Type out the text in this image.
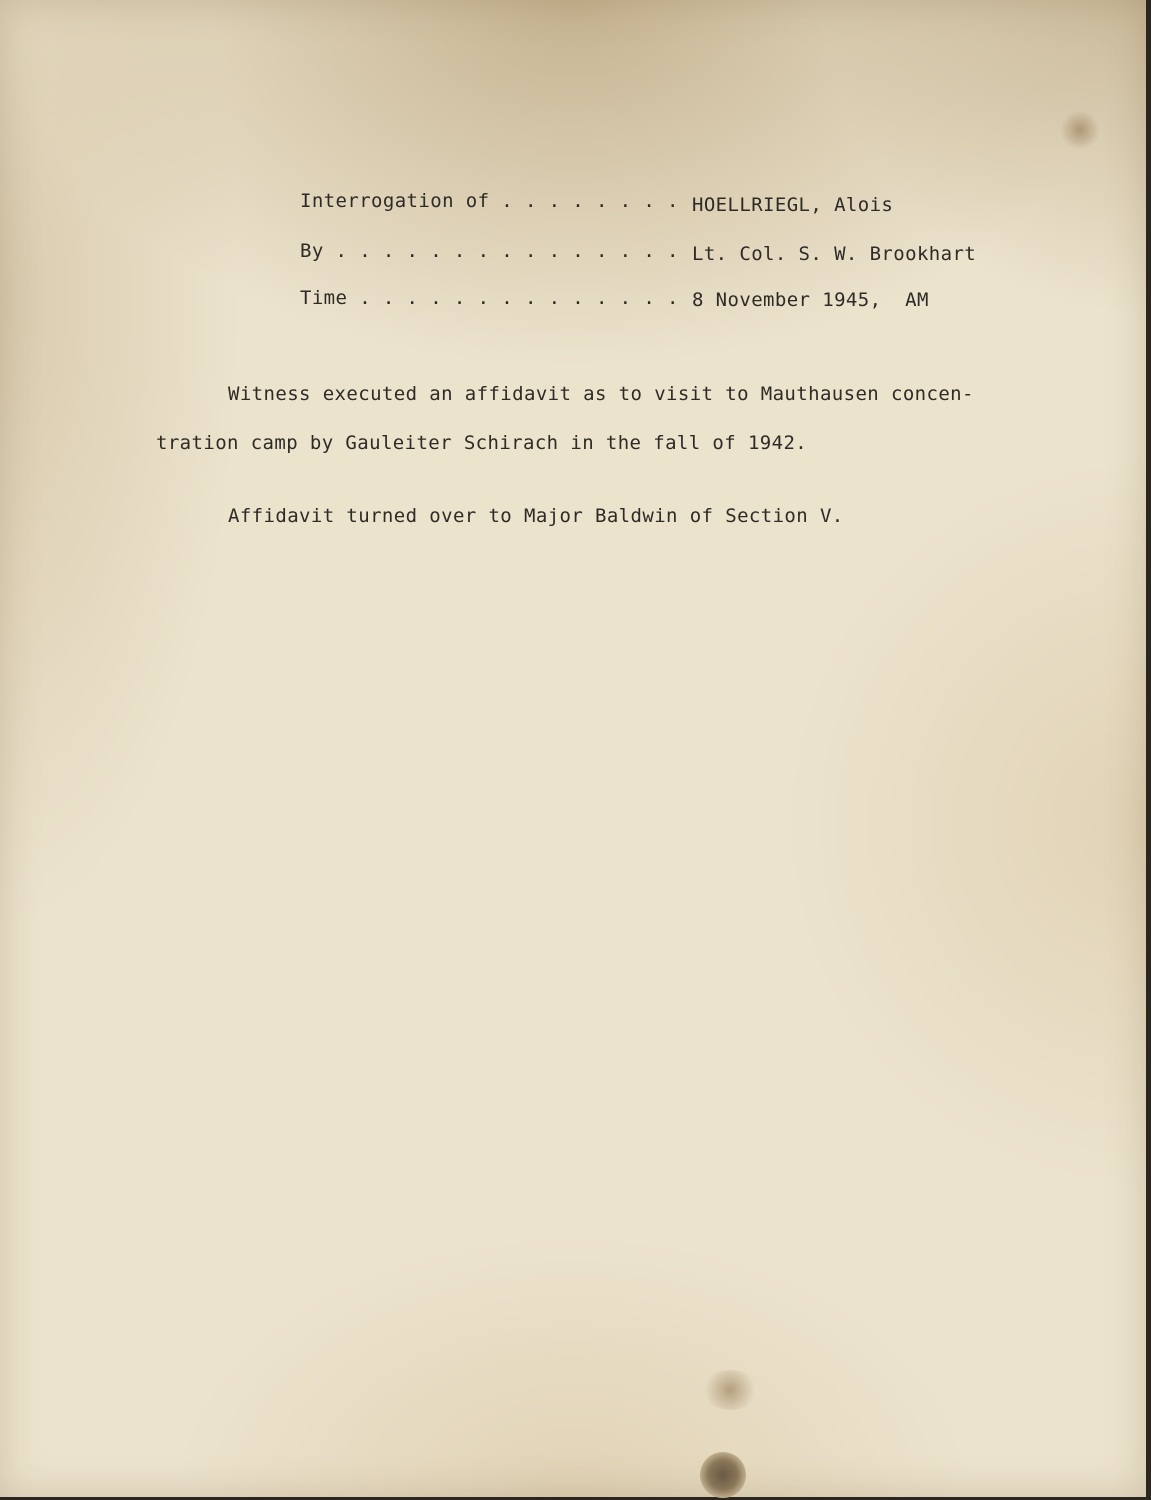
Interrogation of . . . . . . . . HOELLRIEGL, Alois
By . . . . . . . . . . . . . . . Lt. Col. S. W. Brookhart
Time . . . . . . . . . . . . . . 8 November 1945,  AM
Witness executed an affidavit as to visit to Mauthausen concen-
tration camp by Gauleiter Schirach in the fall of 1942.
Affidavit turned over to Major Baldwin of Section V.
